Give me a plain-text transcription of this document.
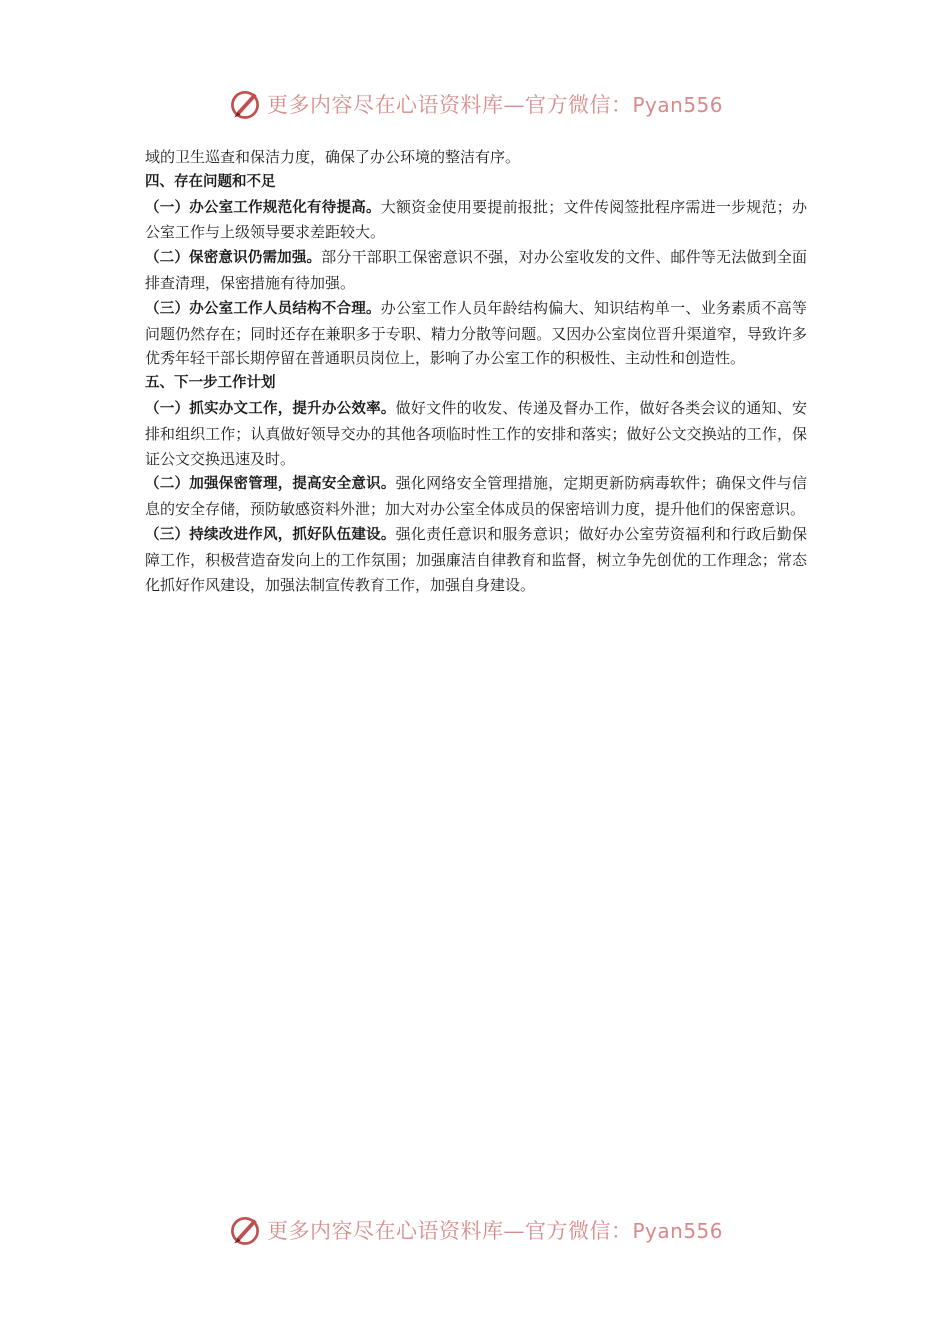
更多内容尽在心语资料库—官方微信：Pyan556

域的卫生巡查和保洁力度，确保了办公环境的整洁有序。

四、存在问题和不足

（一）办公室工作规范化有待提高。大额资金使用要提前报批；文件传阅签批程序需进一步规范；办公室工作与上级领导要求差距较大。

（二）保密意识仍需加强。部分干部职工保密意识不强，对办公室收发的文件、邮件等无法做到全面排查清理，保密措施有待加强。

（三）办公室工作人员结构不合理。办公室工作人员年龄结构偏大、知识结构单一、业务素质不高等问题仍然存在；同时还存在兼职多于专职、精力分散等问题。又因办公室岗位晋升渠道窄，导致许多优秀年轻干部长期停留在普通职员岗位上，影响了办公室工作的积极性、主动性和创造性。

五、下一步工作计划

（一）抓实办文工作，提升办公效率。做好文件的收发、传递及督办工作，做好各类会议的通知、安排和组织工作；认真做好领导交办的其他各项临时性工作的安排和落实；做好公文交换站的工作，保证公文交换迅速及时。

（二）加强保密管理，提高安全意识。强化网络安全管理措施，定期更新防病毒软件；确保文件与信息的安全存储，预防敏感资料外泄；加大对办公室全体成员的保密培训力度，提升他们的保密意识。

（三）持续改进作风，抓好队伍建设。强化责任意识和服务意识；做好办公室劳资福利和行政后勤保障工作，积极营造奋发向上的工作氛围；加强廉洁自律教育和监督，树立争先创优的工作理念；常态化抓好作风建设，加强法制宣传教育工作，加强自身建设。

更多内容尽在心语资料库—官方微信：Pyan556
